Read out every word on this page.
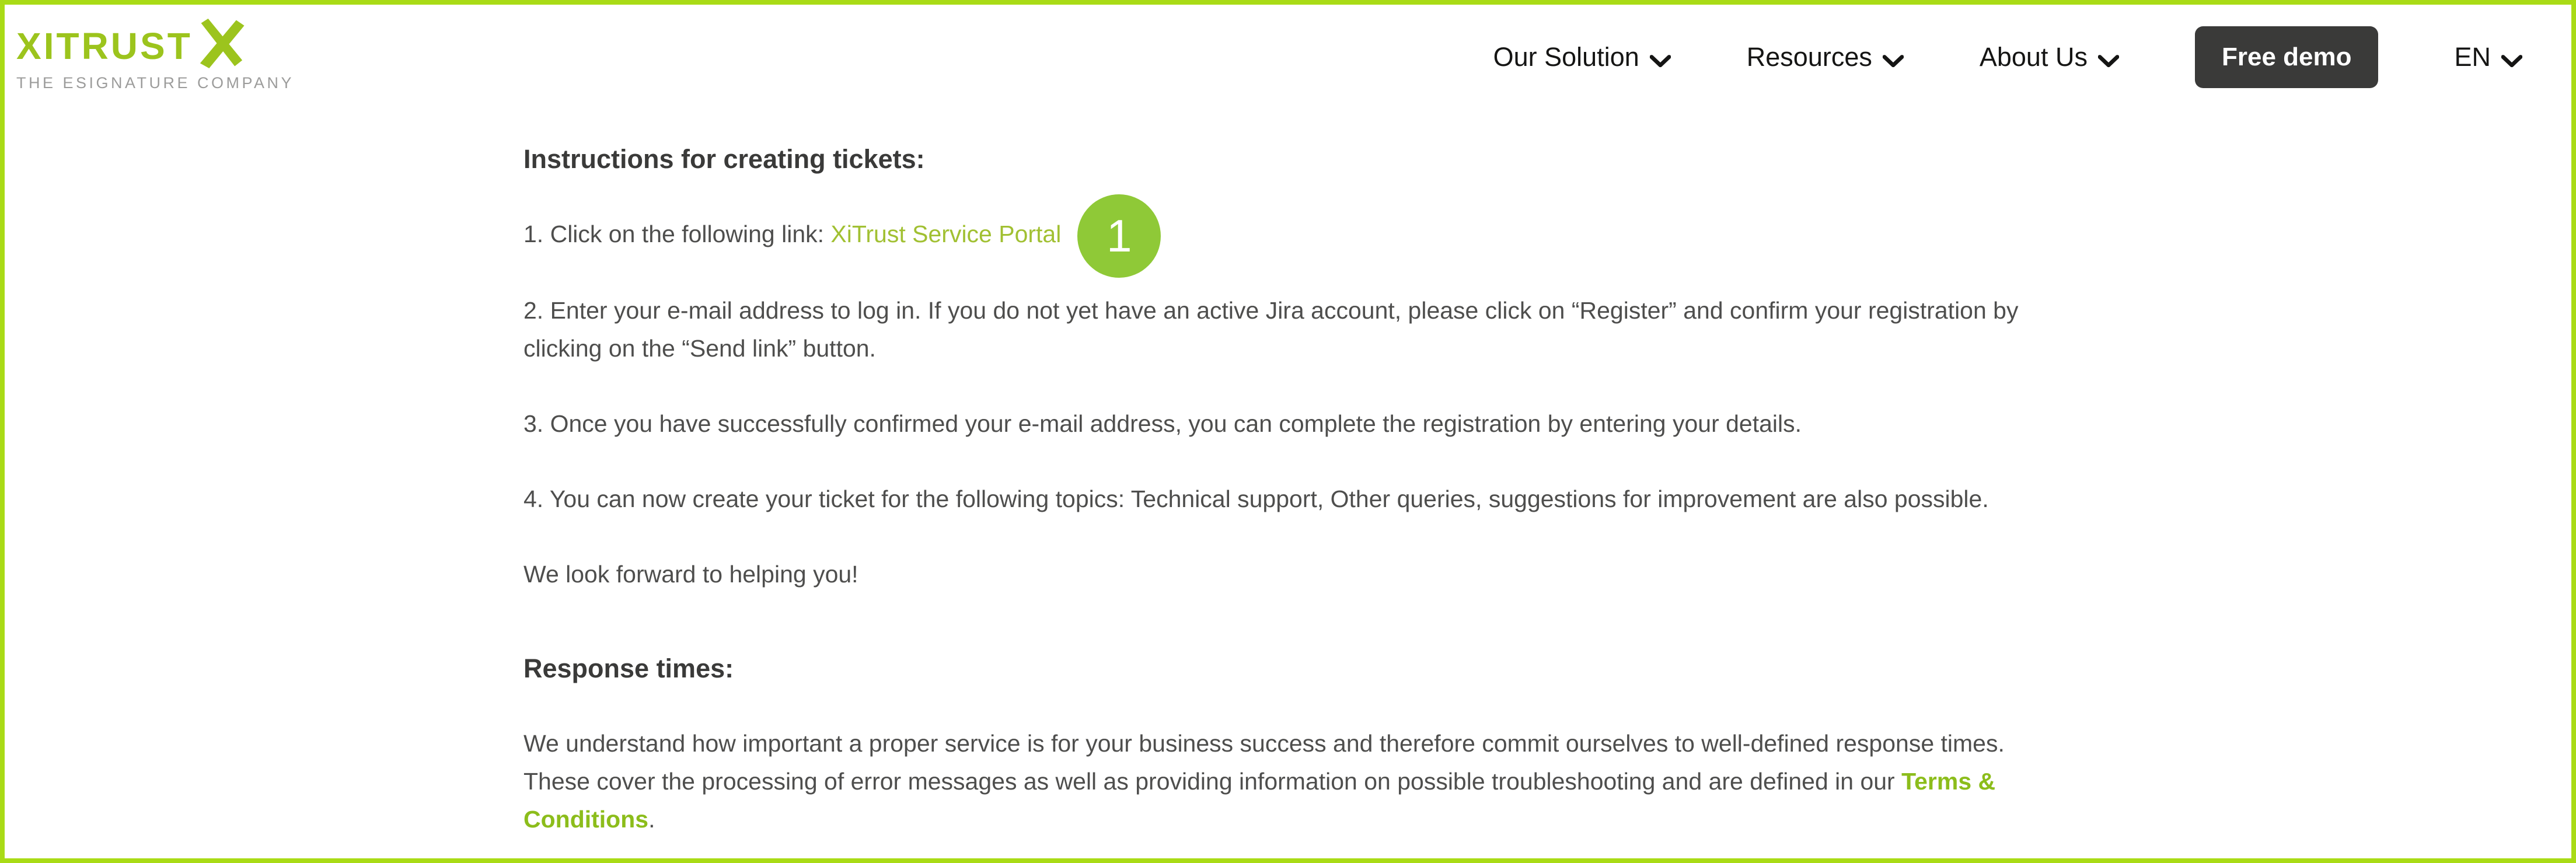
XITRUST
THE ESIGNATURE COMPANY
Our Solution	Resources	About Us	Free demo	EN
Instructions for creating tickets:

1. Click on the following link: XiTrust Service Portal 1

2. Enter your e-mail address to log in. If you do not yet have an active Jira account, please click on “Register” and confirm your registration by clicking on the “Send link” button.

3. Once you have successfully confirmed your e-mail address, you can complete the registration by entering your details.

4. You can now create your ticket for the following topics: Technical support, Other queries, suggestions for improvement are also possible.

We look forward to helping you!

Response times:

We understand how important a proper service is for your business success and therefore commit ourselves to well-defined response times. These cover the processing of error messages as well as providing information on possible troubleshooting and are defined in our Terms & Conditions.
